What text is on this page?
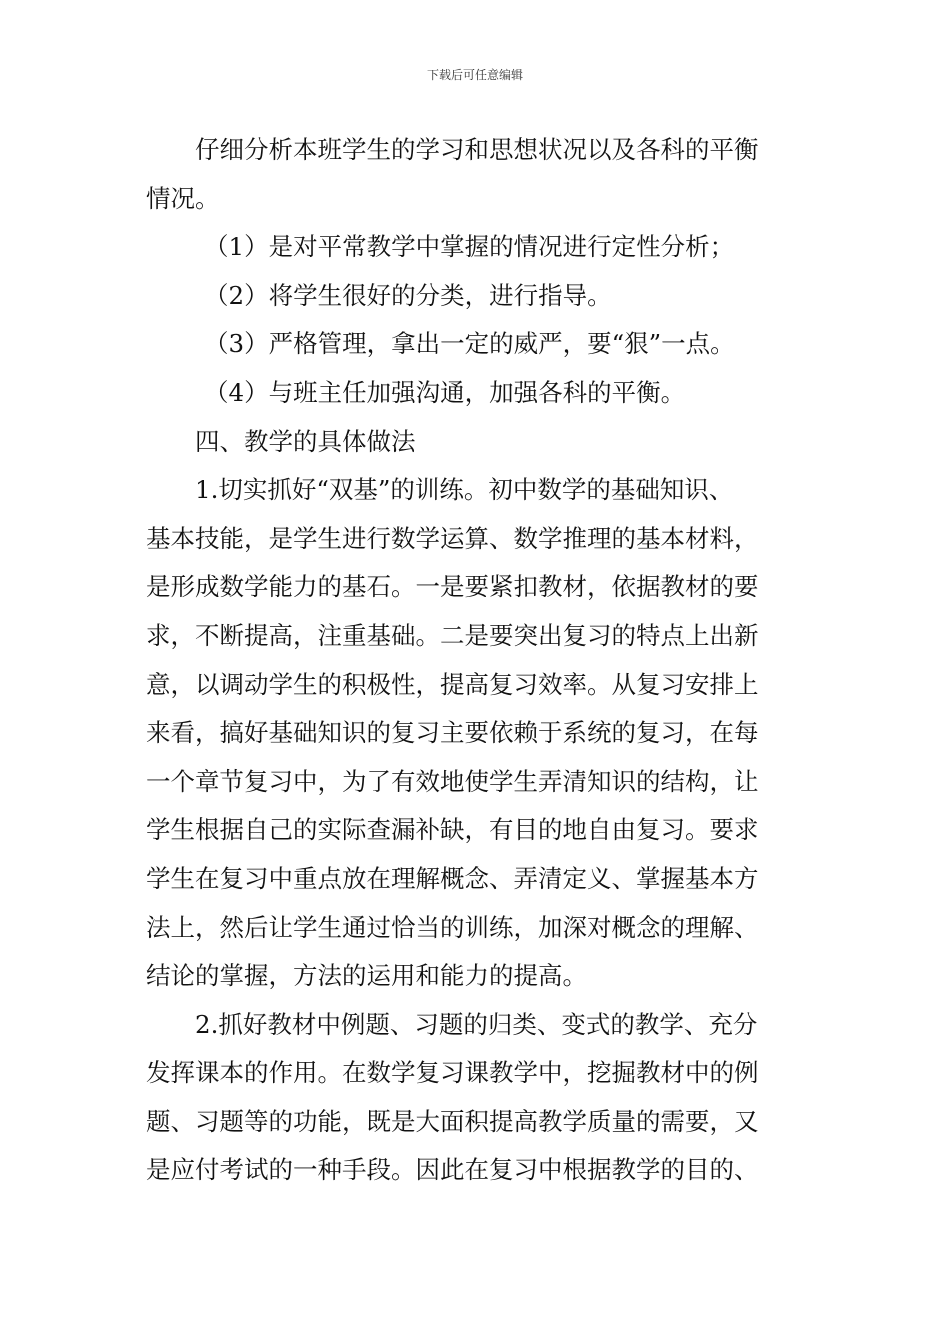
下载后可任意编辑
仔细分析本班学生的学习和思想状况以及各科的平衡
情况。
（1）是对平常教学中掌握的情况进行定性分析；
（2）将学生很好的分类，进行指导。
（3）严格管理，拿出一定的威严，要“狠”一点。
（4）与班主任加强沟通，加强各科的平衡。
四、教学的具体做法
1.切实抓好“双基”的训练。初中数学的基础知识、
基本技能，是学生进行数学运算、数学推理的基本材料，
是形成数学能力的基石。一是要紧扣教材，依据教材的要
求，不断提高，注重基础。二是要突出复习的特点上出新
意，以调动学生的积极性，提高复习效率。从复习安排上
来看，搞好基础知识的复习主要依赖于系统的复习，在每
一个章节复习中，为了有效地使学生弄清知识的结构，让
学生根据自己的实际查漏补缺，有目的地自由复习。要求
学生在复习中重点放在理解概念、弄清定义、掌握基本方
法上，然后让学生通过恰当的训练，加深对概念的理解、
结论的掌握，方法的运用和能力的提高。
2.抓好教材中例题、习题的归类、变式的教学、充分
发挥课本的作用。在数学复习课教学中，挖掘教材中的例
题、习题等的功能，既是大面积提高教学质量的需要，又
是应付考试的一种手段。因此在复习中根据教学的目的、
